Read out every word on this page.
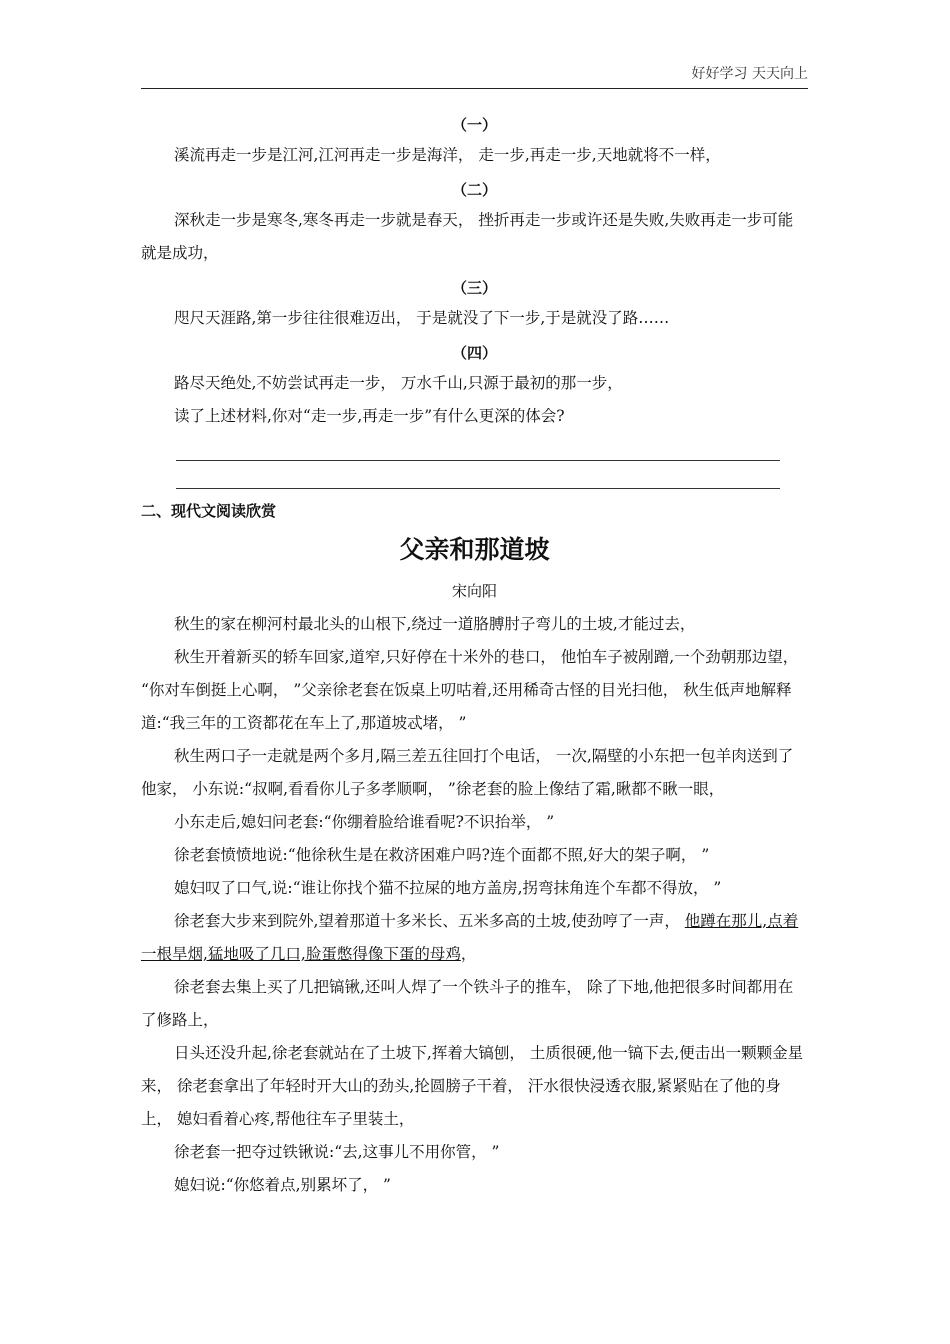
好好学习 天天向上
（一）

溪流再走一步是江河,江河再走一步是海洋， 走一步,再走一步,天地就将不一样，

（二）

深秋走一步是寒冬,寒冬再走一步就是春天， 挫折再走一步或许还是失败,失败再走一步可能就是成功，

（三）

咫尺天涯路,第一步往往很难迈出， 于是就没了下一步,于是就没了路……

（四）

路尽天绝处,不妨尝试再走一步， 万水千山,只源于最初的那一步，

读了上述材料,你对“走一步,再走一步”有什么更深的体会?

二、现代文阅读欣赏
父亲和那道坡
宋向阳

秋生的家在柳河村最北头的山根下,绕过一道胳膊肘子弯儿的土坡,才能过去，

秋生开着新买的轿车回家,道窄,只好停在十米外的巷口， 他怕车子被剐蹭,一个劲朝那边望， “你对车倒挺上心啊， ”父亲徐老套在饭桌上叨咕着,还用稀奇古怪的目光扫他， 秋生低声地解释道:“我三年的工资都花在车上了,那道坡忒堵， ”

秋生两口子一走就是两个多月,隔三差五往回打个电话， 一次,隔壁的小东把一包羊肉送到了他家， 小东说:“叔啊,看看你儿子多孝顺啊， ”徐老套的脸上像结了霜,瞅都不瞅一眼，

小东走后,媳妇问老套:“你绷着脸给谁看呢?不识抬举， ”

徐老套愤愤地说:“他徐秋生是在救济困难户吗?连个面都不照,好大的架子啊， ”

媳妇叹了口气,说:“谁让你找个猫不拉屎的地方盖房,拐弯抹角连个车都不得放， ”

徐老套大步来到院外,望着那道十多米长、五米多高的土坡,使劲哼了一声， 他蹲在那儿,点着一根旱烟,猛地吸了几口,脸蛋憋得像下蛋的母鸡，

徐老套去集上买了几把镐锹,还叫人焊了一个铁斗子的推车， 除了下地,他把很多时间都用在了修路上，

日头还没升起,徐老套就站在了土坡下,挥着大镐刨， 土质很硬,他一镐下去,便击出一颗颗金星来， 徐老套拿出了年轻时开大山的劲头,抡圆膀子干着， 汗水很快浸透衣服,紧紧贴在了他的身上， 媳妇看着心疼,帮他往车子里装土，

徐老套一把夺过铁锹说:“去,这事儿不用你管， ”

媳妇说:“你悠着点,别累坏了， ”
